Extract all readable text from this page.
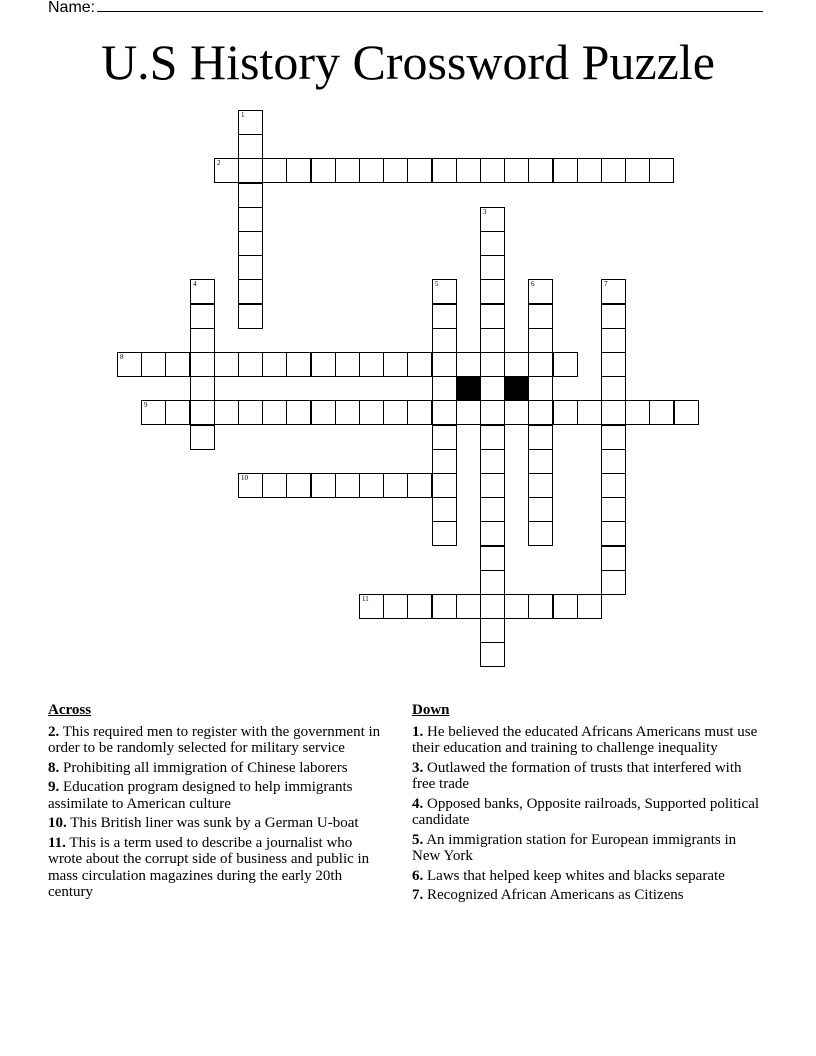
Name:
U.S History Crossword Puzzle
1
2
3
4	5	6	7
8
9
10
11
Across
2. This required men to register with the government in order to be randomly selected for military service
8. Prohibiting all immigration of Chinese laborers
9. Education program designed to help immigrants assimilate to American culture
10. This British liner was sunk by a German U-boat
11. This is a term used to describe a journalist who wrote about the corrupt side of business and public in mass circulation magazines during the early 20th century
Down
1. He believed the educated Africans Americans must use their education and training to challenge inequality
3. Outlawed the formation of trusts that interfered with free trade
4. Opposed banks, Opposite railroads, Supported political candidate
5. An immigration station for European immigrants in New York
6. Laws that helped keep whites and blacks separate
7. Recognized African Americans as Citizens
